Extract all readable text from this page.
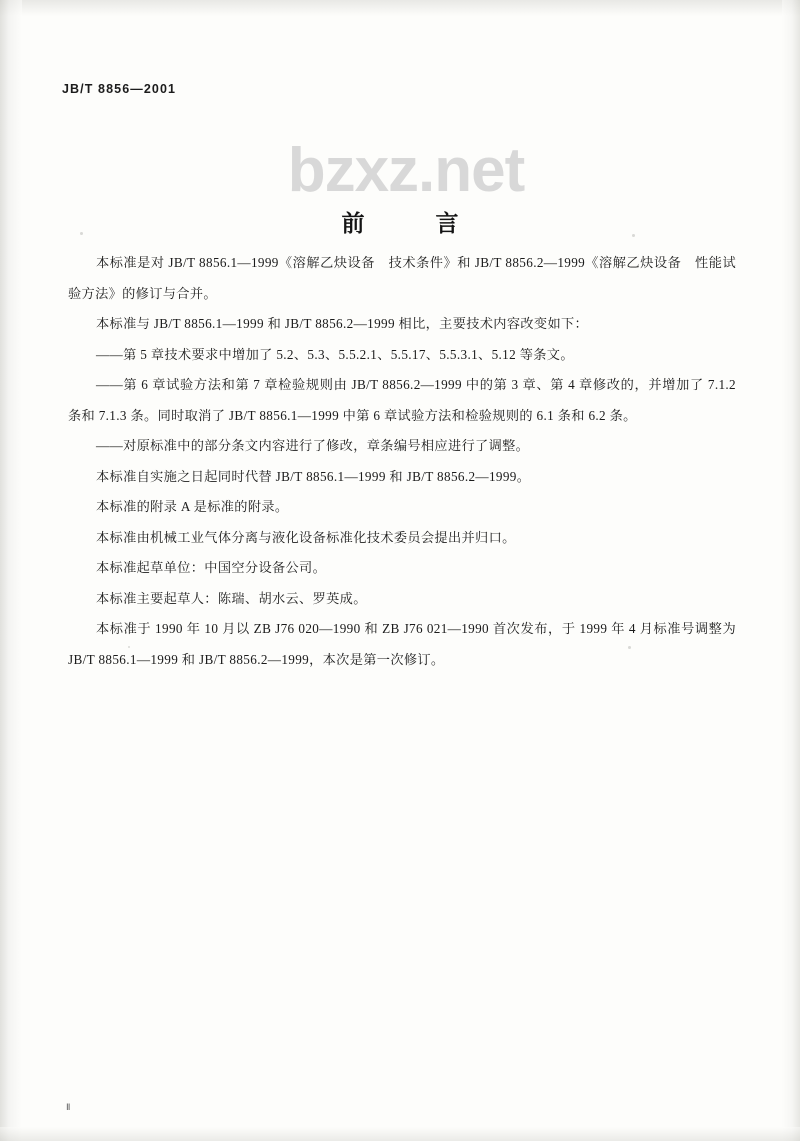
JB/T 8856—2001
bzxz.net
前　言

本标准是对 JB/T 8856.1—1999《溶解乙炔设备　技术条件》和 JB/T 8856.2—1999《溶解乙炔设备　性能试验方法》的修订与合并。

本标准与 JB/T 8856.1—1999 和 JB/T 8856.2—1999 相比，主要技术内容改变如下：

——第 5 章技术要求中增加了 5.2、5.3、5.5.2.1、5.5.17、5.5.3.1、5.12 等条文。

——第 6 章试验方法和第 7 章检验规则由 JB/T 8856.2—1999 中的第 3 章、第 4 章修改的，并增加了 7.1.2 条和 7.1.3 条。同时取消了 JB/T 8856.1—1999 中第 6 章试验方法和检验规则的 6.1 条和 6.2 条。

——对原标准中的部分条文内容进行了修改，章条编号相应进行了调整。

本标准自实施之日起同时代替 JB/T 8856.1—1999 和 JB/T 8856.2—1999。

本标准的附录 A 是标准的附录。

本标准由机械工业气体分离与液化设备标准化技术委员会提出并归口。

本标准起草单位：中国空分设备公司。

本标准主要起草人：陈瑞、胡水云、罗英成。

本标准于 1990 年 10 月以 ZB J76 020—1990 和 ZB J76 021—1990 首次发布，于 1999 年 4 月标准号调整为 JB/T 8856.1—1999 和 JB/T 8856.2—1999，本次是第一次修订。

Ⅱ
